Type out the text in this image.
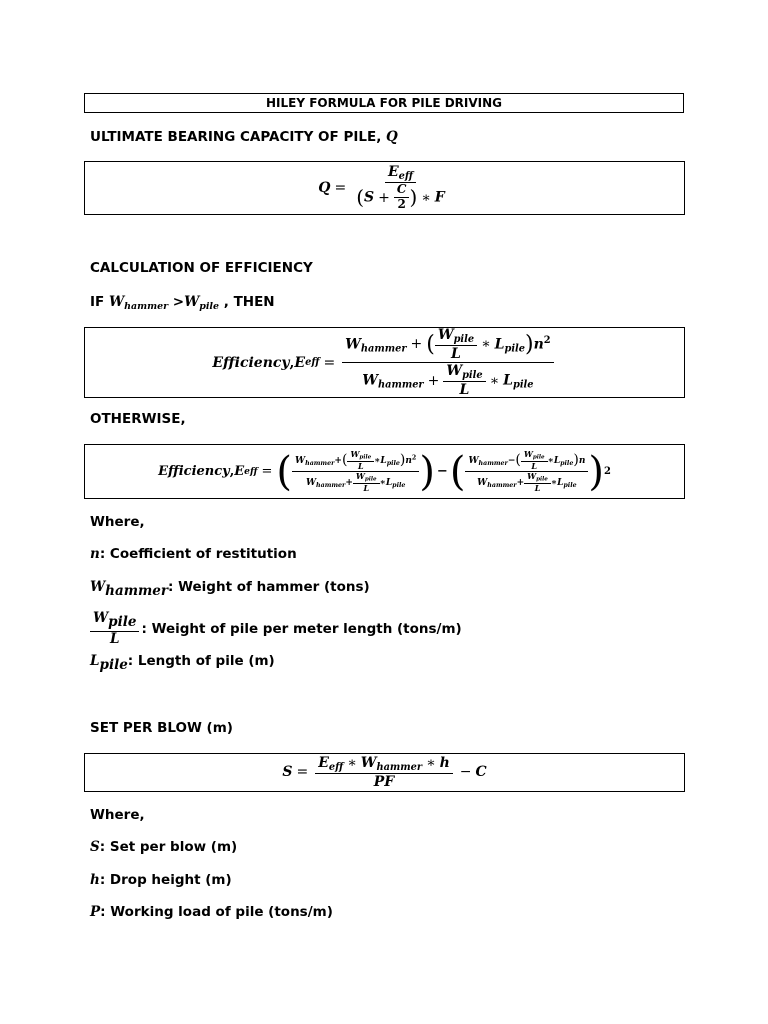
HILEY FORMULA FOR PILE DRIVING
ULTIMATE BEARING CAPACITY OF PILE, Q
$Q = \frac{E_{eff}}{(S + \frac{C}{2} ) ∗ F}$
CALCULATION OF EFFICIENCY
IF $W_{hammer} >W_{pile}$ , THEN
Efficiency , E eff = $\frac{W_{hammer} + ( \frac{W_{pile}}{L} ∗ L_{pile})n^2}{W_{hammer} + \frac{W_{pile}}{L} ∗ L_{pile}}$
OTHERWISE,
Efficiency , E eff = ( $\frac{W_{hammer}+( \frac{W_{pile}}{L} ∗L_{pile})n^2}{W_{hammer}+ \frac{W_{pile}}{L} ∗L_{pile}}$ ) − ( $\frac{W_{hammer}-( \frac{W_{pile}}{L} ∗L_{pile})n}{W_{hammer}+ \frac{W_{pile}}{L} ∗L_{pile}}$ ) 2
Where,
n: Coefficient of restitution
$W_{hammer}$: Weight of hammer (tons)
$\frac{W_{pile}}{L}$ : Weight of pile per meter length (tons/m)
$L_{pile}$: Length of pile (m)
SET PER BLOW (m)
$S = \frac{E_{eff} ∗ W_{hammer} ∗ h}{PF} - C$
Where,
S: Set per blow (m)
h: Drop height (m)
P: Working load of pile (tons/m)
